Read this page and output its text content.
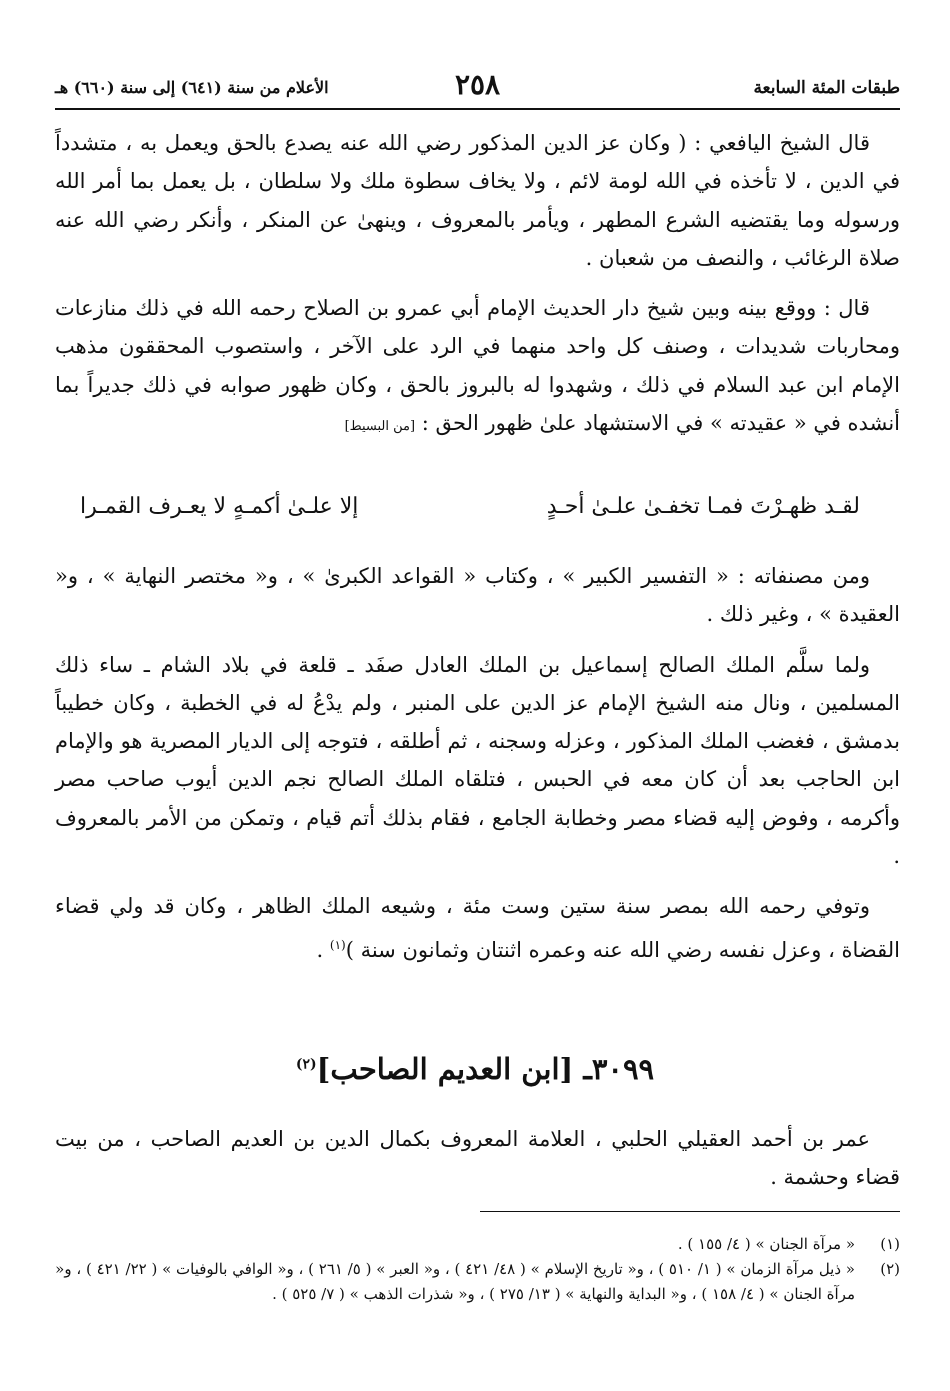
طبقات المئة السابعة
٢٥٨
الأعلام من سنة (٦٤١) إلى سنة (٦٦٠) هـ

قال الشيخ اليافعي : ( وكان عز الدين المذكور رضي الله عنه يصدع بالحق ويعمل به ، متشدداً في الدين ، لا تأخذه في الله لومة لائم ، ولا يخاف سطوة ملك ولا سلطان ، بل يعمل بما أمر الله ورسوله وما يقتضيه الشرع المطهر ، ويأمر بالمعروف ، وينهىٰ عن المنكر ، وأنكر رضي الله عنه صلاة الرغائب ، والنصف من شعبان .

قال : ووقع بينه وبين شيخ دار الحديث الإمام أبي عمرو بن الصلاح رحمه الله في ذلك منازعات ومحاربات شديدات ، وصنف كل واحد منهما في الرد على الآخر ، واستصوب المحققون مذهب الإمام ابن عبد السلام في ذلك ، وشهدوا له بالبروز بالحق ، وكان ظهور صوابه في ذلك جديراً بما أنشده في « عقيدته » في الاستشهاد علىٰ ظهور الحق : [من البسيط]

لقـد ظهـرْتَ فمـا تخفـىٰ علـىٰ أحـدٍ
إلا علـىٰ أكمـهٍ لا يعـرف القمـرا

ومن مصنفاته : « التفسير الكبير » ، وكتاب « القواعد الكبرىٰ » ، و« مختصر النهاية » ، و« العقيدة » ، وغير ذلك .

ولما سلَّم الملك الصالح إسماعيل بن الملك العادل صفَد ـ قلعة في بلاد الشام ـ ساء ذلك المسلمين ، ونال منه الشيخ الإمام عز الدين على المنبر ، ولم يدْعُ له في الخطبة ، وكان خطيباً بدمشق ، فغضب الملك المذكور ، وعزله وسجنه ، ثم أطلقه ، فتوجه إلى الديار المصرية هو والإمام ابن الحاجب بعد أن كان معه في الحبس ، فتلقاه الملك الصالح نجم الدين أيوب صاحب مصر وأكرمه ، وفوض إليه قضاء مصر وخطابة الجامع ، فقام بذلك أتم قيام ، وتمكن من الأمر بالمعروف .

وتوفي رحمه الله بمصر سنة ستين وست مئة ، وشيعه الملك الظاهر ، وكان قد ولي قضاء القضاة ، وعزل نفسه رضي الله عنه وعمره اثنتان وثمانون سنة )$^{(١)}$ .

٣٠٩٩ـ [ابن العديم الصاحب]$^{(٢)}$

عمر بن أحمد العقيلي الحلبي ، العلامة المعروف بكمال الدين بن العديم الصاحب ، من بيت قضاء وحشمة .

(١)
« مرآة الجنان » ( ٤/ ١٥٥ ) .
(٢)
« ذيل مرآة الزمان » ( ١/ ٥١٠ ) ، و« تاريخ الإسلام » ( ٤٨/ ٤٢١ ) ، و« العبر » ( ٥/ ٢٦١ ) ، و« الوافي بالوفيات » ( ٢٢/ ٤٢١ ) ، و« مرآة الجنان » ( ٤/ ١٥٨ ) ، و« البداية والنهاية » ( ١٣/ ٢٧٥ ) ، و« شذرات الذهب » ( ٧/ ٥٢٥ ) .
